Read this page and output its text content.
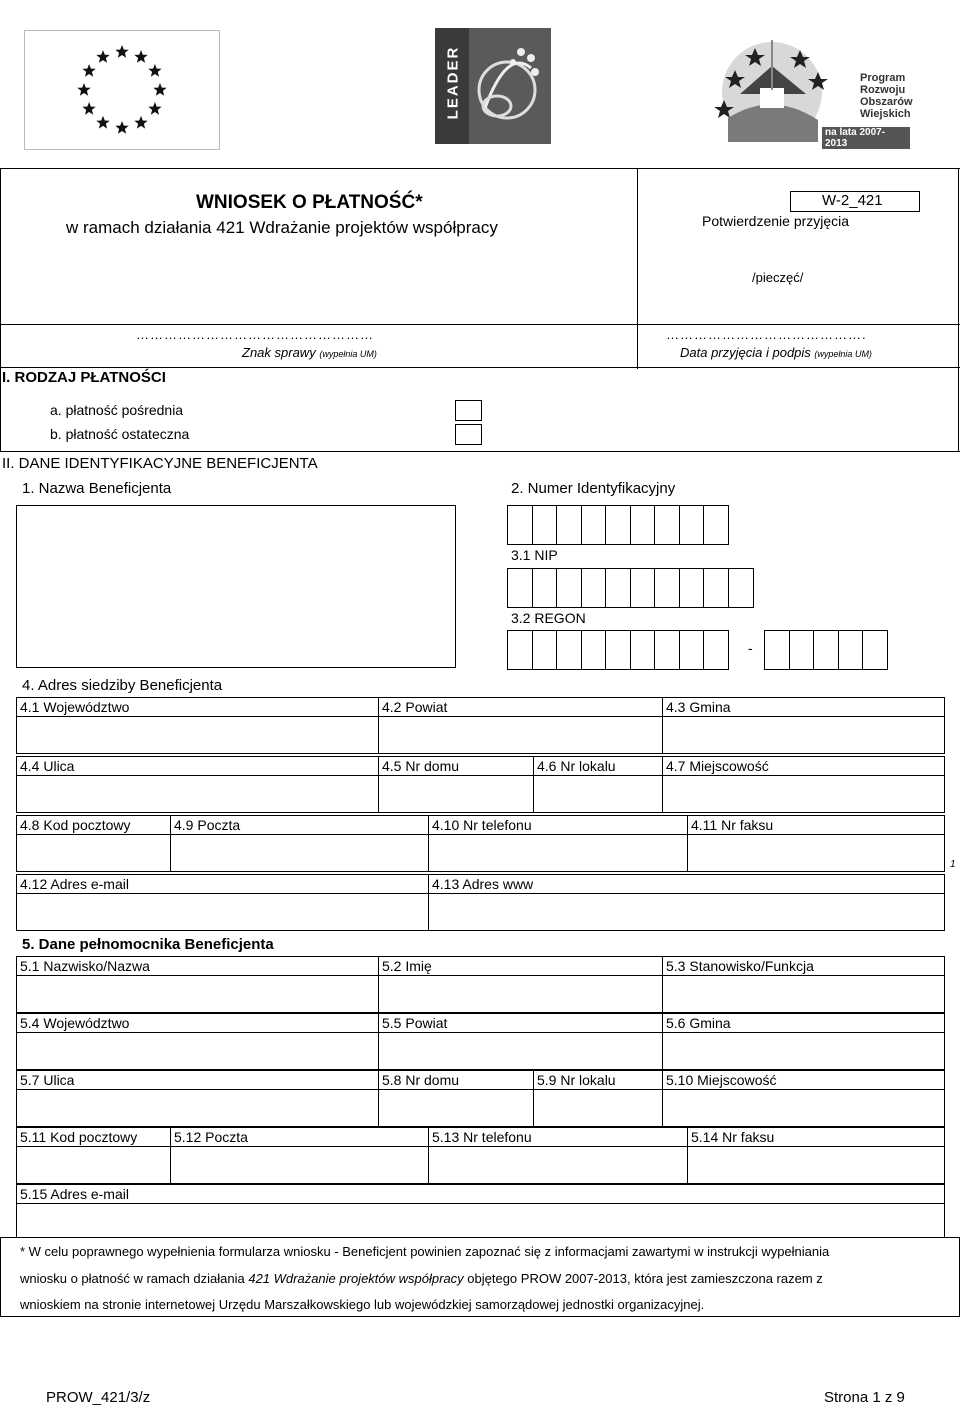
LEADER	Program
Rozwoju
Obszarów
Wiejskich
na lata 2007-2013
WNIOSEK O PŁATNOŚĆ*
w ramach działania 421 Wdrażanie projektów współpracy
W-2_421
Potwierdzenie przyjęcia
/pieczęć/
……………………………………………
Znak sprawy (wypełnia UM)
…………………………………….
Data przyjęcia i podpis (wypełnia UM)
I. RODZAJ PŁATNOŚCI
a. płatność pośrednia
b. płatność ostateczna
II. DANE IDENTYFIKACYJNE BENEFICJENTA
1. Nazwa Beneficjenta	2. Numer Identyfikacyjny
3.1 NIP
3.2 REGON
-
4. Adres siedziby Beneficjenta
4.1 Województwo	4.2 Powiat	4.3 Gmina
4.4 Ulica	4.5 Nr domu	4.6 Nr lokalu	4.7 Miejscowość
4.8 Kod pocztowy	4.9 Poczta	4.10 Nr telefonu	4.11 Nr faksu
1
4.12 Adres e-mail	4.13 Adres www
5. Dane pełnomocnika Beneficjenta
5.1 Nazwisko/Nazwa	5.2 Imię	5.3 Stanowisko/Funkcja
5.4 Województwo	5.5 Powiat	5.6 Gmina
5.7 Ulica	5.8 Nr domu	5.9 Nr lokalu	5.10 Miejscowość
5.11 Kod pocztowy	5.12 Poczta	5.13 Nr telefonu	5.14 Nr faksu
5.15 Adres e-mail
* W celu poprawnego wypełnienia formularza wniosku - Beneficjent powinien zapoznać się z informacjami zawartymi w instrukcji wypełniania
wniosku o płatność w ramach działania 421 Wdrażanie projektów współpracy objętego PROW 2007-2013, która jest zamieszczona razem z
wnioskiem na stronie internetowej Urzędu Marszałkowskiego lub wojewódzkiej samorządowej jednostki organizacyjnej.
PROW_421/3/z	Strona 1 z 9
